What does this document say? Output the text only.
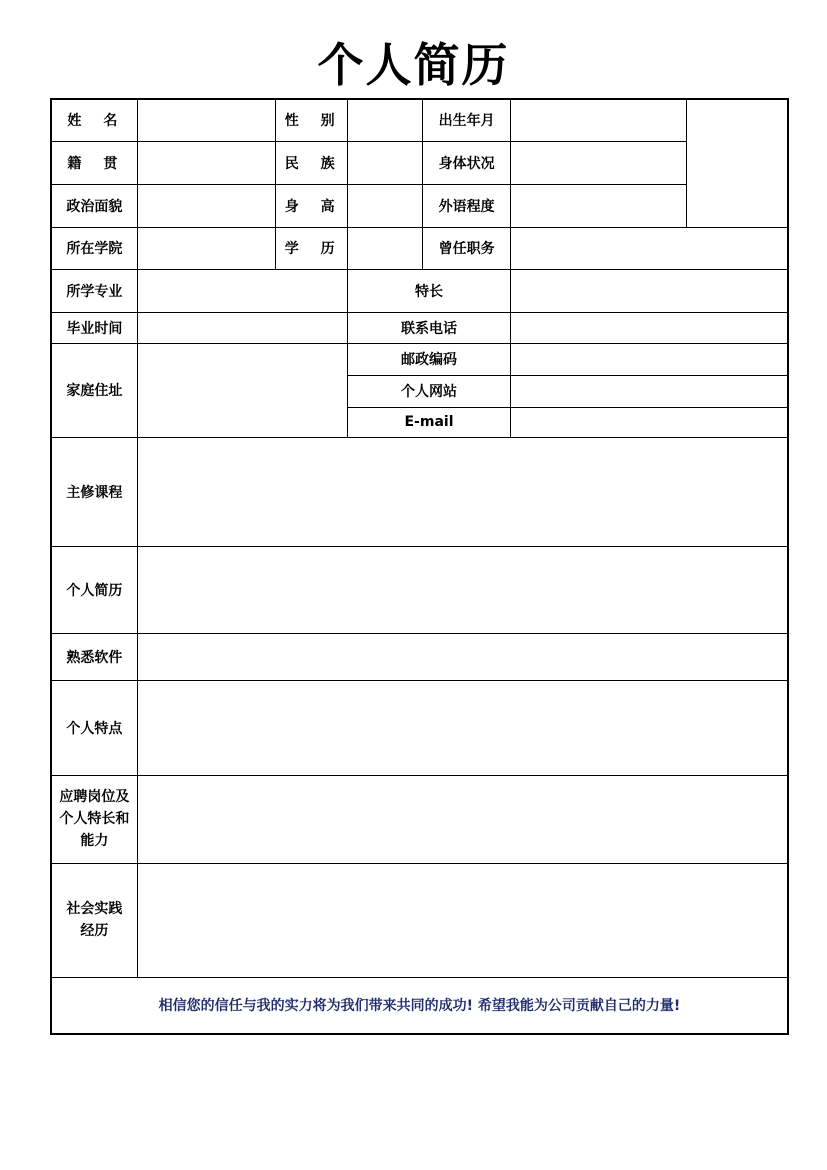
个人简历
姓　名		性　别		出生年月		
籍　贯		民　族		身体状况		
政治面貌		身　高		外语程度		
所在学院		学　历		曾任职务		
所学专业			特长			
毕业时间			联系电话			
家庭住址			邮政编码			
			个人网站			
			E-mail			
主修课程						
个人简历						
熟悉软件						
个人特点						
应聘岗位及个人特长和能力						
社会实践经历						
相信您的信任与我的实力将为我们带来共同的成功! 希望我能为公司贡献自己的力量!						
